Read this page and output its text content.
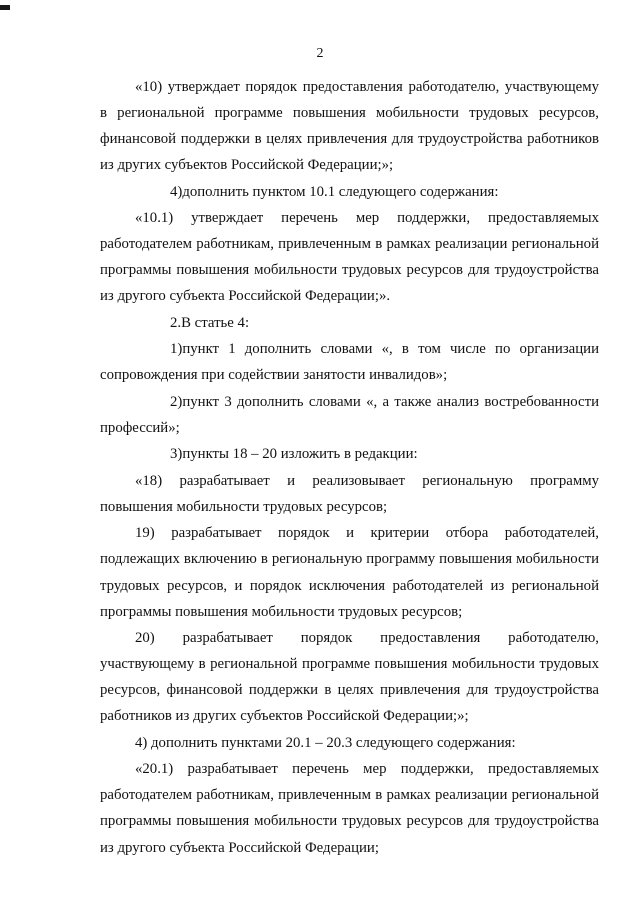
2

«10) утверждает порядок предоставления работодателю, участвующему в региональной программе повышения мобильности трудовых ресурсов, финансовой поддержки в целях привлечения для трудоустройства работников из других субъектов Российской Федерации;»;

4)дополнить пунктом 10.1 следующего содержания:

«10.1) утверждает перечень мер поддержки, предоставляемых работодателем работникам, привлеченным в рамках реализации региональной программы повышения мобильности трудовых ресурсов для трудоустройства из другого субъекта Российской Федерации;».

2.В статье 4:

1)пункт 1 дополнить словами «, в том числе по организации сопровождения при содействии занятости инвалидов»;

2)пункт 3 дополнить словами «, а также анализ востребованности профессий»;

3)пункты 18 – 20 изложить в редакции:

«18) разрабатывает и реализовывает региональную программу повышения мобильности трудовых ресурсов;

19) разрабатывает порядок и критерии отбора работодателей, подлежащих включению в региональную программу повышения мобильности трудовых ресурсов, и порядок исключения работодателей из региональной программы повышения мобильности трудовых ресурсов;

20) разрабатывает порядок предоставления работодателю, участвующему в региональной программе повышения мобильности трудовых ресурсов, финансовой поддержки в целях привлечения для трудоустройства работников из других субъектов Российской Федерации;»;

4) дополнить пунктами 20.1 – 20.3 следующего содержания:

«20.1) разрабатывает перечень мер поддержки, предоставляемых работодателем работникам, привлеченным в рамках реализации региональной программы повышения мобильности трудовых ресурсов для трудоустройства из другого субъекта Российской Федерации;
